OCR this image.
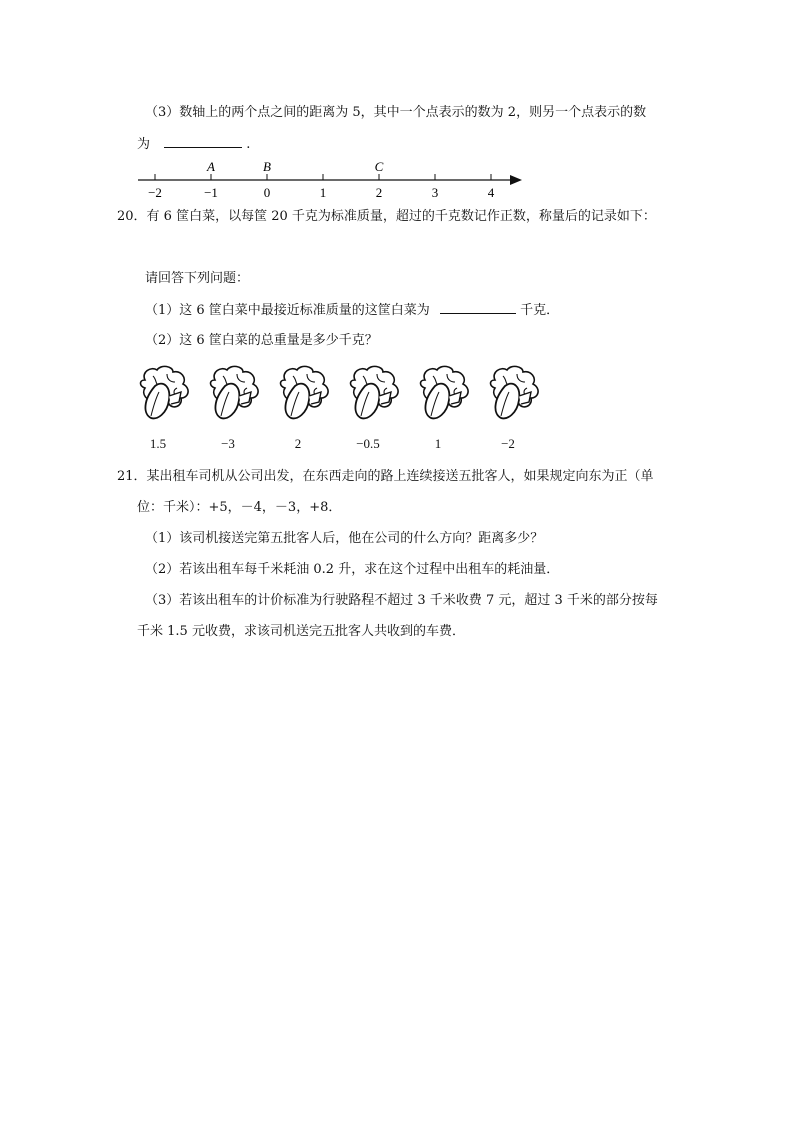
（3）数轴上的两个点之间的距离为 5，其中一个点表示的数为 2，则另一个点表示的数
为	.
−2	−1	0	1	2	3	4
A	B	C
20．有 6 筐白菜，以每筐 20 千克为标准质量，超过的千克数记作正数，称量后的记录如下：
请回答下列问题：
（1）这 6 筐白菜中最接近标准质量的这筐白菜为	千克．
（2）这 6 筐白菜的总重量是多少千克？
1.5	−3	2	−0.5	1	−2
21．某出租车司机从公司出发，在东西走向的路上连续接送五批客人，如果规定向东为正（单
位：千米）：+5，－4，－3，+8．
（1）该司机接送完第五批客人后，他在公司的什么方向？距离多少？
（2）若该出租车每千米耗油 0.2 升，求在这个过程中出租车的耗油量．
（3）若该出租车的计价标准为行驶路程不超过 3 千米收费 7 元，超过 3 千米的部分按每
千米 1.5 元收费，求该司机送完五批客人共收到的车费．
